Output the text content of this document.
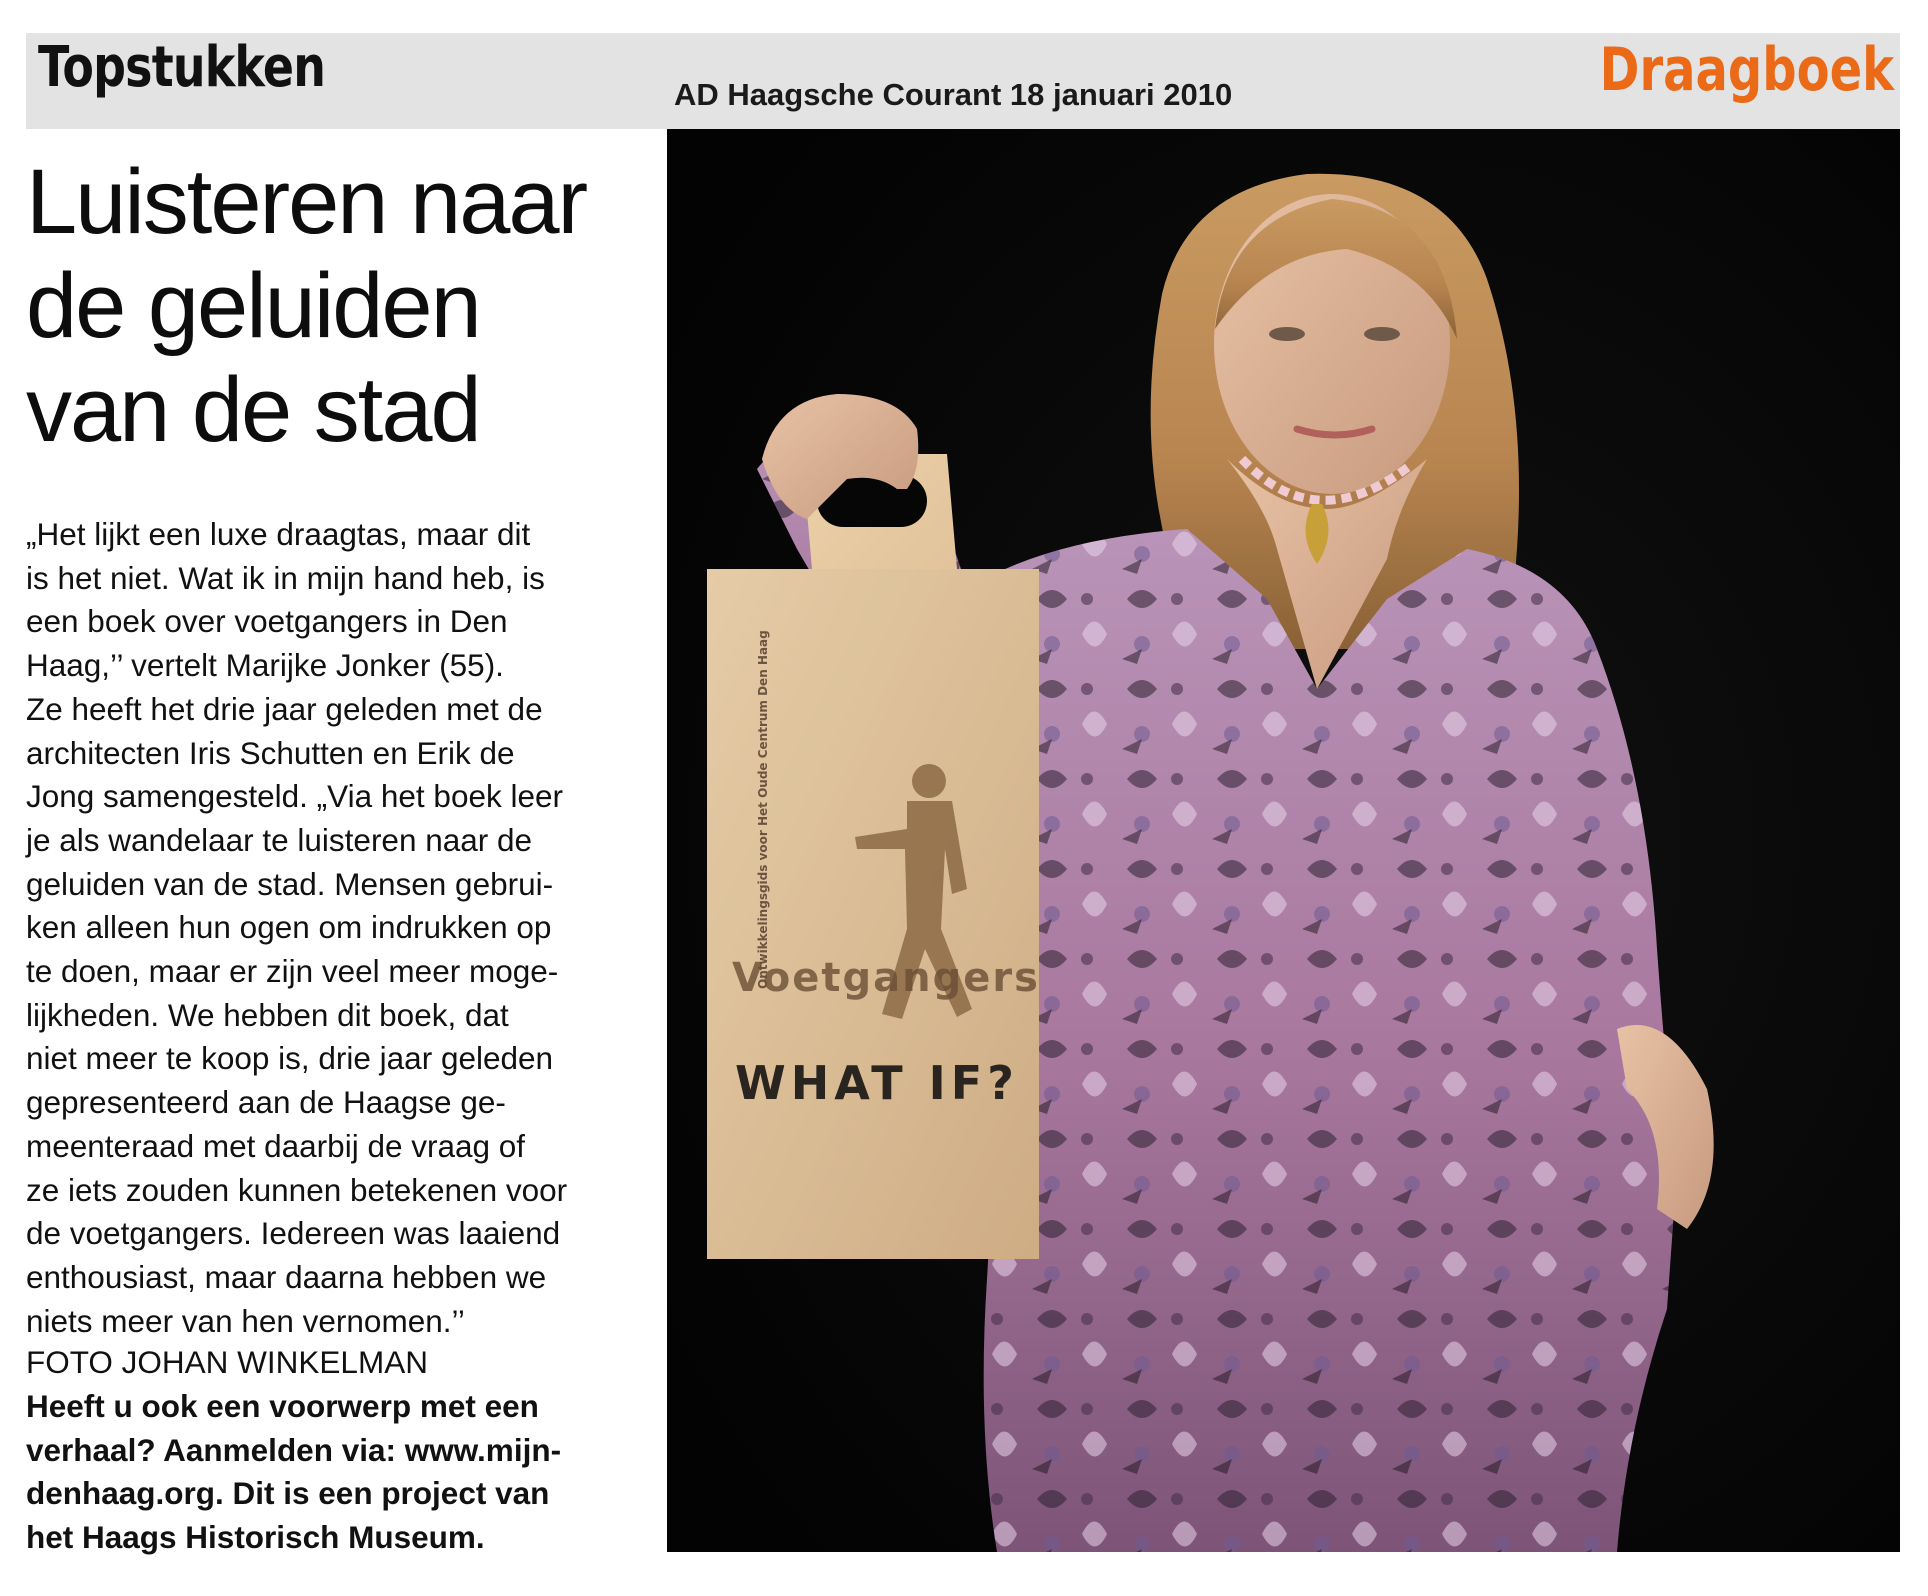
Topstukken	AD Haagsche Courant 18 januari 2010	Draagboek
Luisteren naar
de geluiden
van de stad
„Het lijkt een luxe draagtas, maar dit
is het niet. Wat ik in mijn hand heb, is
een boek over voetgangers in Den
Haag,’’ vertelt Marijke Jonker (55).
Ze heeft het drie jaar geleden met de
architecten Iris Schutten en Erik de
Jong samengesteld. „Via het boek leer
je als wandelaar te luisteren naar de
geluiden van de stad. Mensen gebrui-
ken alleen hun ogen om indrukken op
te doen, maar er zijn veel meer moge-
lijkheden. We hebben dit boek, dat
niet meer te koop is, drie jaar geleden
gepresenteerd aan de Haagse ge-
meenteraad met daarbij de vraag of
ze iets zouden kunnen betekenen voor
de voetgangers. Iedereen was laaiend
enthousiast, maar daarna hebben we
niets meer van hen vernomen.’’
FOTO JOHAN WINKELMAN
Heeft u ook een voorwerp met een
verhaal? Aanmelden via: www.mijn-
denhaag.org. Dit is een project van
het Haags Historisch Museum.
Ontwikkelingsgids voor Het Oude Centrum Den Haag
Voetgangers
WHAT IF?
